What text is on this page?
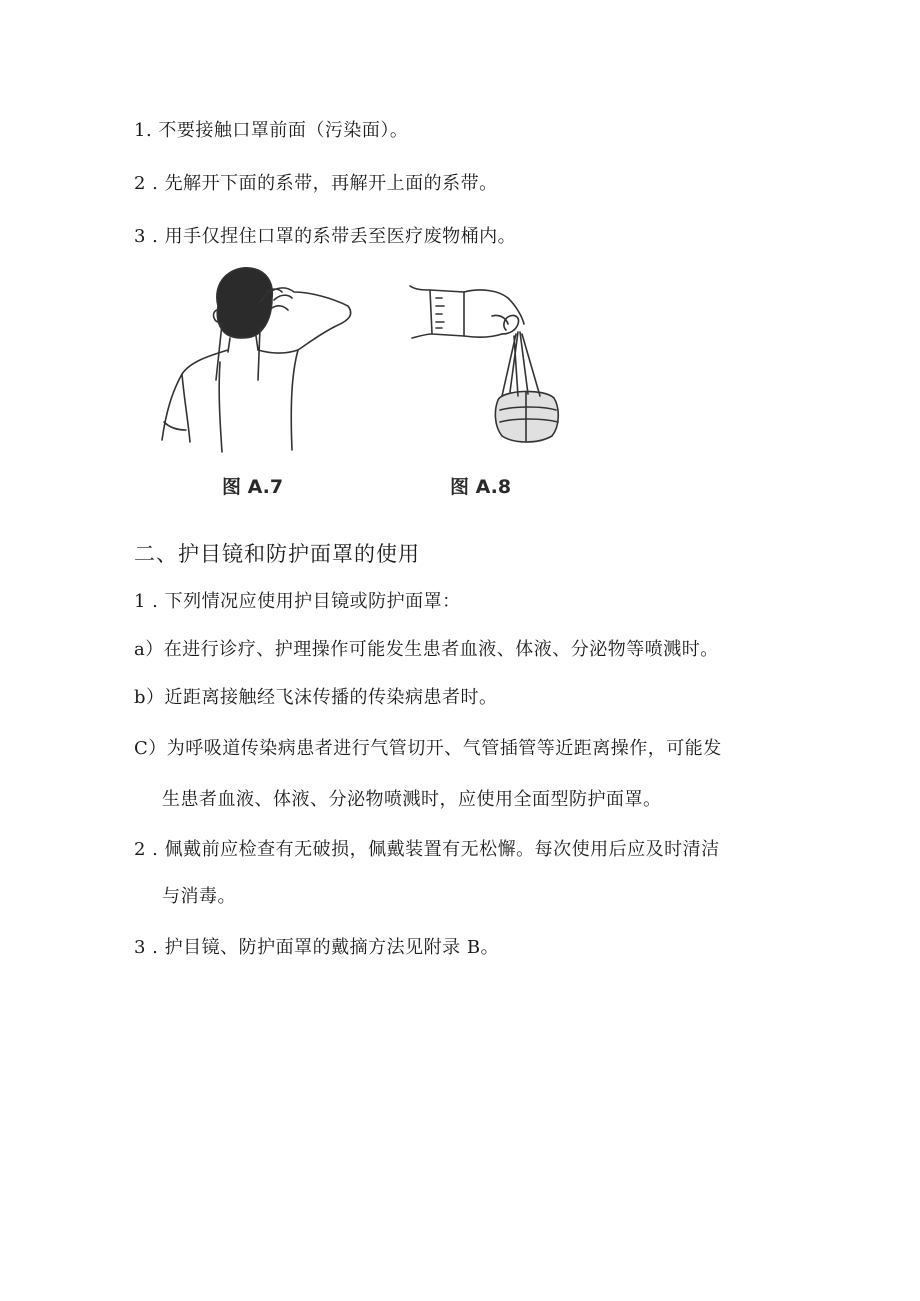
1. 不要接触口罩前面（污染面）。
2 . 先解开下面的系带，再解开上面的系带。
3 . 用手仅捏住口罩的系带丢至医疗废物桶内。
图 A.7	图 A.8
二、护目镜和防护面罩的使用
1 . 下列情况应使用护目镜或防护面罩：
a）在进行诊疗、护理操作可能发生患者血液、体液、分泌物等喷溅时。
b）近距离接触经飞沫传播的传染病患者时。
C）为呼吸道传染病患者进行气管切开、气管插管等近距离操作，可能发
生患者血液、体液、分泌物喷溅时，应使用全面型防护面罩。
2 . 佩戴前应检查有无破损，佩戴装置有无松懈。每次使用后应及时清洁
与消毒。
3 . 护目镜、防护面罩的戴摘方法见附录 B。
